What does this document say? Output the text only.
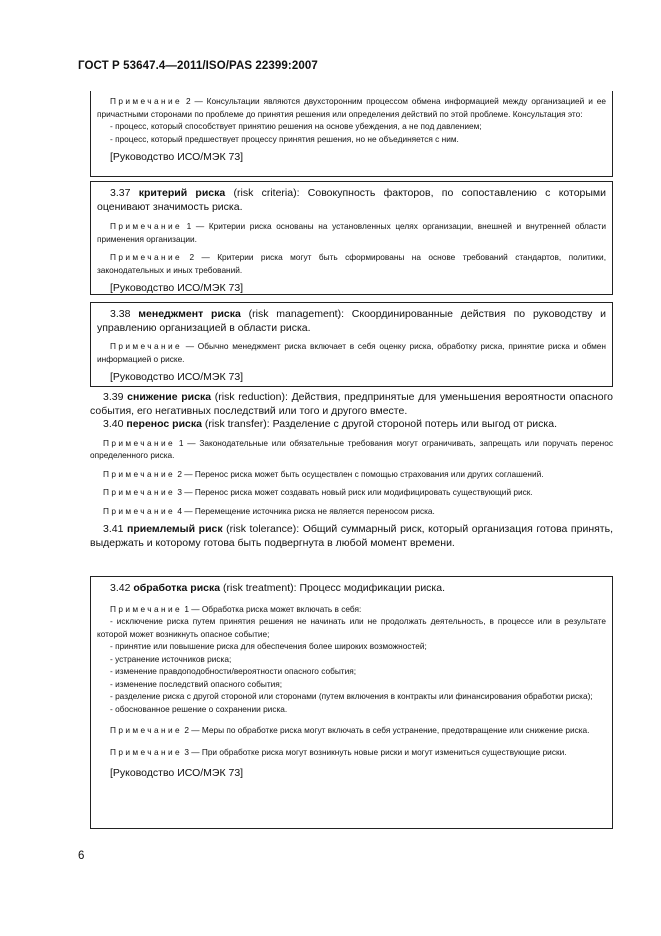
ГОСТ Р 53647.4—2011/ISO/PAS 22399:2007

Примечание 2 — Консультации являются двухсторонним процессом обмена информацией между организацией и ее причастными сторонами по проблеме до принятия решения или определения действий по этой проблеме. Консультация это:

- процесс, который способствует принятию решения на основе убеждения, а не под давлением;

- процесс, который предшествует процессу принятия решения, но не объединяется с ним.

[Руководство ИСО/МЭК 73]

3.37 критерий риска (risk criteria): Совокупность факторов, по сопоставлению с которыми оценивают значимость риска.

Примечание 1 — Критерии риска основаны на установленных целях организации, внешней и внутренней области применения организации.

Примечание 2 — Критерии риска могут быть сформированы на основе требований стандартов, политики, законодательных и иных требований.

[Руководство ИСО/МЭК 73]

3.38 менеджмент риска (risk management): Скоординированные действия по руководству и управлению организацией в области риска.

Примечание — Обычно менеджмент риска включает в себя оценку риска, обработку риска, принятие риска и обмен информацией о риске.

[Руководство ИСО/МЭК 73]

3.39 снижение риска (risk reduction): Действия, предпринятые для уменьшения вероятности опасного события, его негативных последствий или того и другого вместе.

3.40 перенос риска (risk transfer): Разделение с другой стороной потерь или выгод от риска.

Примечание 1 — Законодательные или обязательные требования могут ограничивать, запрещать или поручать перенос определенного риска.

Примечание 2 — Перенос риска может быть осуществлен с помощью страхования или других соглашений.

Примечание 3 — Перенос риска может создавать новый риск или модифицировать существующий риск.

Примечание 4 — Перемещение источника риска не является переносом риска.

3.41 приемлемый риск (risk tolerance): Общий суммарный риск, который организация готова принять, выдержать и которому готова быть подвергнута в любой момент времени.

3.42 обработка риска (risk treatment): Процесс модификации риска.

Примечание 1 — Обработка риска может включать в себя:

- исключение риска путем принятия решения не начинать или не продолжать деятельность, в процессе или в результате которой может возникнуть опасное событие;

- принятие или повышение риска для обеспечения более широких возможностей;

- устранение источников риска;

- изменение правдоподобности/вероятности опасного события;

- изменение последствий опасного события;

- разделение риска с другой стороной или сторонами (путем включения в контракты или финансирования обработки риска);

- обоснованное решение о сохранении риска.

Примечание 2 — Меры по обработке риска могут включать в себя устранение, предотвращение или снижение риска.

Примечание 3 — При обработке риска могут возникнуть новые риски и могут измениться существующие риски.

[Руководство ИСО/МЭК 73]

6
